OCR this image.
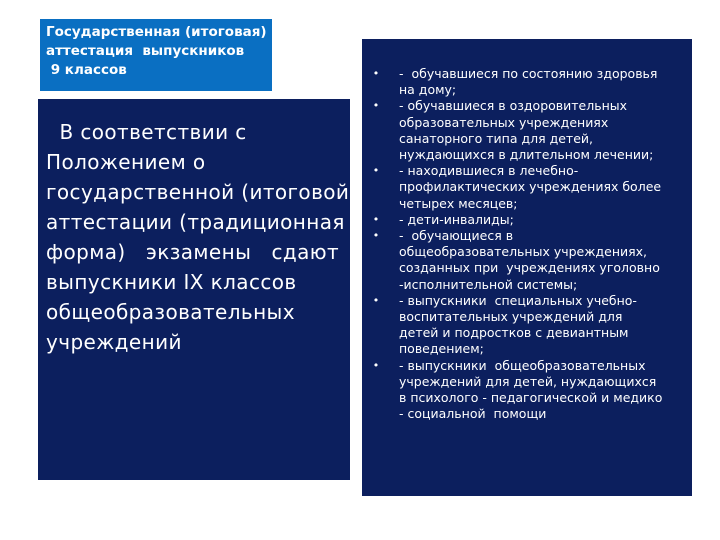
Государственная (итоговая)
аттестация  выпускников
9 классов
В соответствии с
Положением о
государственной (итоговой)
аттестации (традиционная
форма)   экзамены   сдают
выпускники IX классов
общеобразовательных
учреждений
• -  обучавшиеся по состоянию здоровья
на дому;
• - обучавшиеся в оздоровительных
образовательных учреждениях
санаторного типа для детей,
нуждающихся в длительном лечении;
• - находившиеся в лечебно-
профилактических учреждениях более
четырех месяцев;
• - дети-инвалиды;
• -  обучающиеся в
общеобразовательных учреждениях,
созданных при  учреждениях уголовно
-исполнительной системы;
• - выпускники  специальных учебно-
воспитательных учреждений для
детей и подростков с девиантным
поведением;
• - выпускники  общеобразовательных
учреждений для детей, нуждающихся
в психолого - педагогической и медико
- социальной  помощи
